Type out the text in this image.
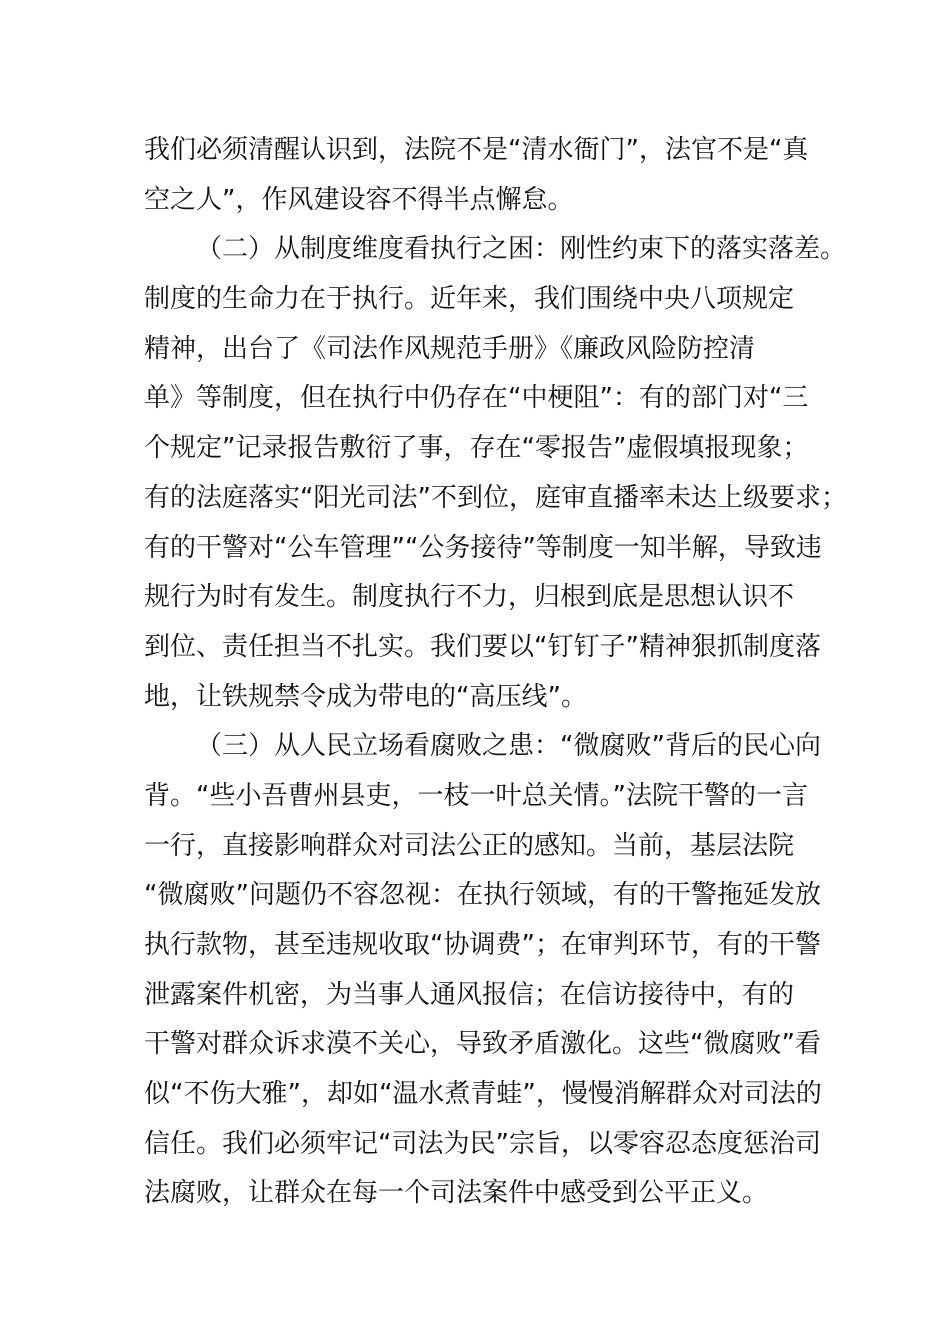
我们必须清醒认识到，法院不是“清水衙门”，法官不是“真
空之人”，作风建设容不得半点懈怠。
（二）从制度维度看执行之困：刚性约束下的落实落差。
制度的生命力在于执行。近年来，我们围绕中央八项规定
精神，出台了《司法作风规范手册》《廉政风险防控清
单》等制度，但在执行中仍存在“中梗阻”：有的部门对“三
个规定”记录报告敷衍了事，存在“零报告”虚假填报现象；
有的法庭落实“阳光司法”不到位，庭审直播率未达上级要求；
有的干警对“公车管理”“公务接待”等制度一知半解，导致违
规行为时有发生。制度执行不力，归根到底是思想认识不
到位、责任担当不扎实。我们要以“钉钉子”精神狠抓制度落
地，让铁规禁令成为带电的“高压线”。
（三）从人民立场看腐败之患：“微腐败”背后的民心向
背。“些小吾曹州县吏，一枝一叶总关情。”法院干警的一言
一行，直接影响群众对司法公正的感知。当前，基层法院
“微腐败”问题仍不容忽视：在执行领域，有的干警拖延发放
执行款物，甚至违规收取“协调费”；在审判环节，有的干警
泄露案件机密，为当事人通风报信；在信访接待中，有的
干警对群众诉求漠不关心，导致矛盾激化。这些“微腐败”看
似“不伤大雅”，却如“温水煮青蛙”，慢慢消解群众对司法的
信任。我们必须牢记“司法为民”宗旨，以零容忍态度惩治司
法腐败，让群众在每一个司法案件中感受到公平正义。
